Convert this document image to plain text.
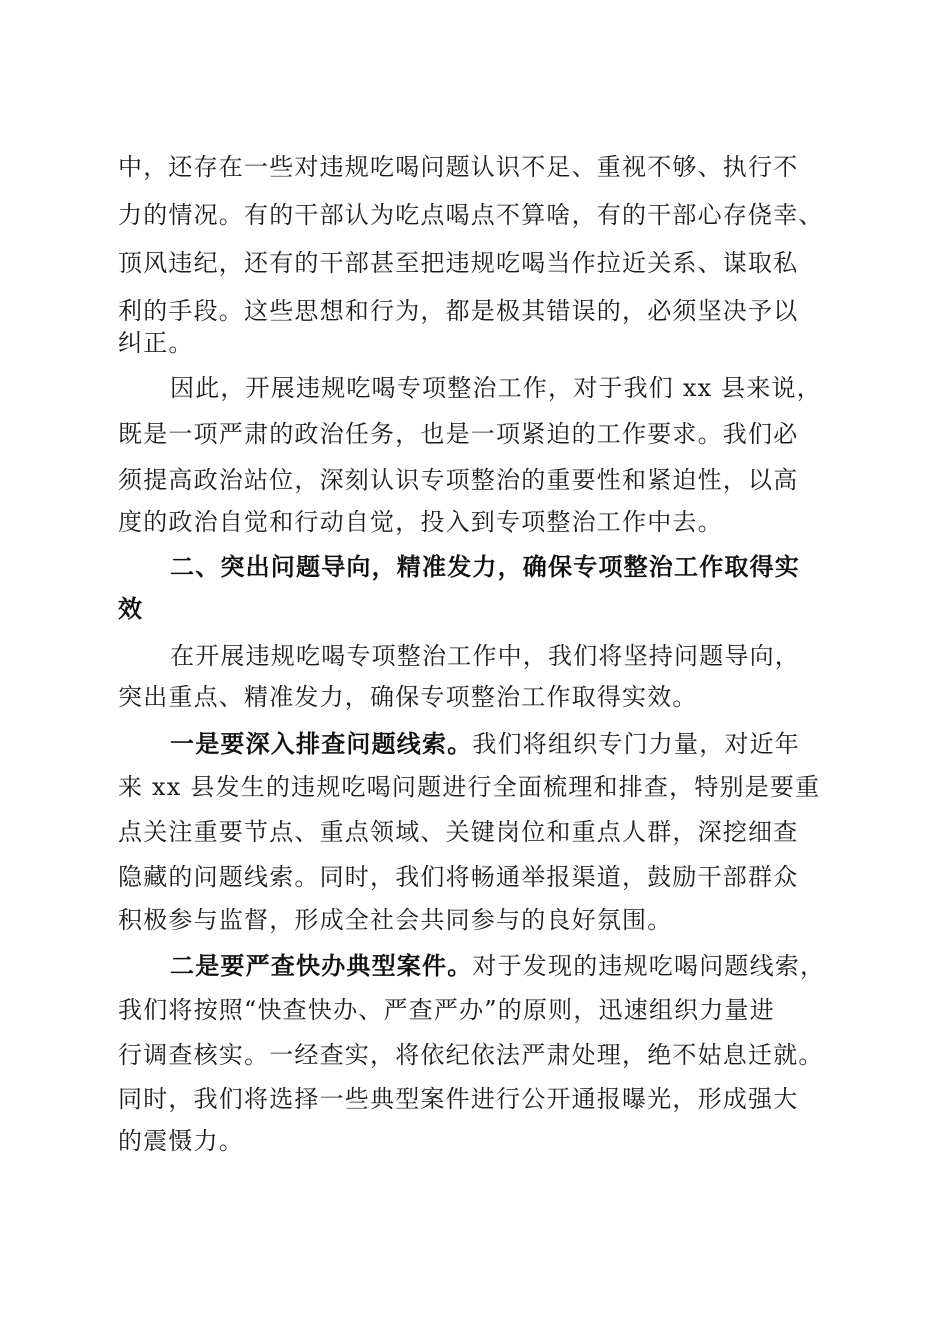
中，还存在一些对违规吃喝问题认识不足、重视不够、执行不
力的情况。有的干部认为吃点喝点不算啥，有的干部心存侥幸、
顶风违纪，还有的干部甚至把违规吃喝当作拉近关系、谋取私
利的手段。这些思想和行为，都是极其错误的，必须坚决予以
纠正。
因此，开展违规吃喝专项整治工作，对于我们 xx 县来说，
既是一项严肃的政治任务，也是一项紧迫的工作要求。我们必
须提高政治站位，深刻认识专项整治的重要性和紧迫性，以高
度的政治自觉和行动自觉，投入到专项整治工作中去。
二、突出问题导向，精准发力，确保专项整治工作取得实
效
在开展违规吃喝专项整治工作中，我们将坚持问题导向，
突出重点、精准发力，确保专项整治工作取得实效。
一是要深入排查问题线索。我们将组织专门力量，对近年
来 xx 县发生的违规吃喝问题进行全面梳理和排查，特别是要重
点关注重要节点、重点领域、关键岗位和重点人群，深挖细查
隐藏的问题线索。同时，我们将畅通举报渠道，鼓励干部群众
积极参与监督，形成全社会共同参与的良好氛围。
二是要严查快办典型案件。对于发现的违规吃喝问题线索，
我们将按照“快查快办、严查严办”的原则，迅速组织力量进
行调查核实。一经查实，将依纪依法严肃处理，绝不姑息迁就。
同时，我们将选择一些典型案件进行公开通报曝光，形成强大
的震慑力。
